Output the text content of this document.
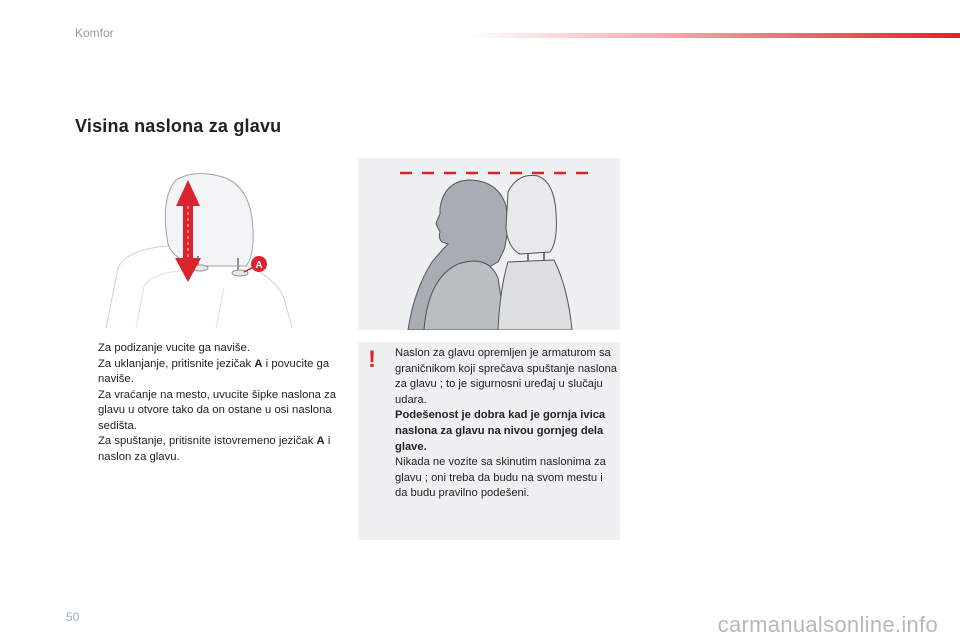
Komfor
Visina naslona za glavu
A
Za podizanje vucite ga naviše.
Za uklanjanje, pritisnite jezičak A i povucite ga naviše.
Za vraćanje na mesto, uvucite šipke naslona za glavu u otvore tako da on ostane u osi naslona sedišta.
Za spuštanje, pritisnite istovremeno jezičak A i naslon za glavu.
! Naslon za glavu opremljen je armaturom sa graničnikom koji sprečava spuštanje naslona za glavu ; to je sigurnosni uređaj u slučaju udara.

Podešenost je dobra kad je gornja ivica naslona za glavu na nivou gornjeg dela glave.

Nikada ne vozite sa skinutim naslonima za glavu ; oni treba da budu na svom mestu i da budu pravilno podešeni.

50	carmanualsonline.info
